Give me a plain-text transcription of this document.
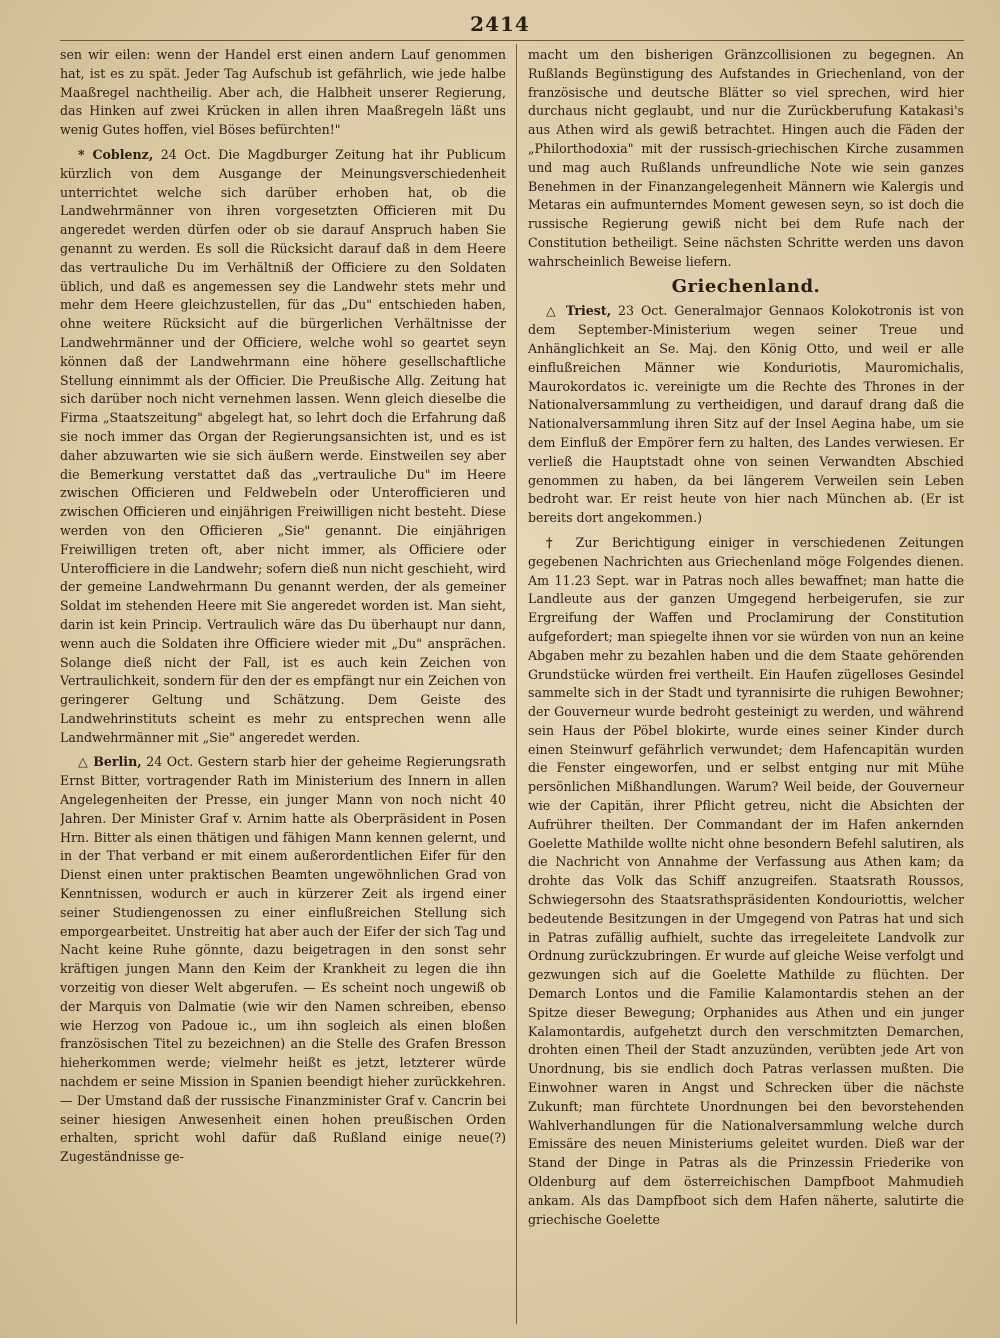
2414

sen wir eilen: wenn der Handel erst einen andern Lauf genommen hat, ist es zu spät. Jeder Tag Aufschub ist gefährlich, wie jede halbe Maaßregel nachtheilig. Aber ach, die Halbheit unserer Regierung, das Hinken auf zwei Krücken in allen ihren Maaßregeln läßt uns wenig Gutes hoffen, viel Böses befürchten!"

* Coblenz, 24 Oct. Die Magdburger Zeitung hat ihr Publicum kürzlich von dem Ausgange der Meinungsverschiedenheit unterrichtet welche sich darüber erhoben hat, ob die Landwehrmänner von ihren vorgesetzten Officieren mit Du angeredet werden dürfen oder ob sie darauf Anspruch haben Sie genannt zu werden. Es soll die Rücksicht darauf daß in dem Heere das vertrauliche Du im Verhältniß der Officiere zu den Soldaten üblich, und daß es angemessen sey die Landwehr stets mehr und mehr dem Heere gleichzustellen, für das „Du" entschieden haben, ohne weitere Rücksicht auf die bürgerlichen Verhältnisse der Landwehrmänner und der Officiere, welche wohl so geartet seyn können daß der Landwehrmann eine höhere gesellschaftliche Stellung einnimmt als der Officier. Die Preußische Allg. Zeitung hat sich darüber noch nicht vernehmen lassen. Wenn gleich dieselbe die Firma „Staatszeitung" abgelegt hat, so lehrt doch die Erfahrung daß sie noch immer das Organ der Regierungsansichten ist, und es ist daher abzuwarten wie sie sich äußern werde. Einstweilen sey aber die Bemerkung verstattet daß das „vertrauliche Du" im Heere zwischen Officieren und Feldwebeln oder Unterofficieren und zwischen Officieren und einjährigen Freiwilligen nicht besteht. Diese werden von den Officieren „Sie" genannt. Die einjährigen Freiwilligen treten oft, aber nicht immer, als Officiere oder Unterofficiere in die Landwehr; sofern dieß nun nicht geschieht, wird der gemeine Landwehrmann Du genannt werden, der als gemeiner Soldat im stehenden Heere mit Sie angeredet worden ist. Man sieht, darin ist kein Princip. Vertraulich wäre das Du überhaupt nur dann, wenn auch die Soldaten ihre Officiere wieder mit „Du" ansprächen. Solange dieß nicht der Fall, ist es auch kein Zeichen von Vertraulichkeit, sondern für den der es empfängt nur ein Zeichen von geringerer Geltung und Schätzung. Dem Geiste des Landwehrinstituts scheint es mehr zu entsprechen wenn alle Landwehrmänner mit „Sie" angeredet werden.

△ Berlin, 24 Oct. Gestern starb hier der geheime Regierungsrath Ernst Bitter, vortragender Rath im Ministerium des Innern in allen Angelegenheiten der Presse, ein junger Mann von noch nicht 40 Jahren. Der Minister Graf v. Arnim hatte als Oberpräsident in Posen Hrn. Bitter als einen thätigen und fähigen Mann kennen gelernt, und in der That verband er mit einem außerordentlichen Eifer für den Dienst einen unter praktischen Beamten ungewöhnlichen Grad von Kenntnissen, wodurch er auch in kürzerer Zeit als irgend einer seiner Studiengenossen zu einer einflußreichen Stellung sich emporgearbeitet. Unstreitig hat aber auch der Eifer der sich Tag und Nacht keine Ruhe gönnte, dazu beigetragen in den sonst sehr kräftigen jungen Mann den Keim der Krankheit zu legen die ihn vorzeitig von dieser Welt abgerufen. — Es scheint noch ungewiß ob der Marquis von Dalmatie (wie wir den Namen schreiben, ebenso wie Herzog von Padoue ic., um ihn sogleich als einen bloßen französischen Titel zu bezeichnen) an die Stelle des Grafen Bresson hieherkommen werde; vielmehr heißt es jetzt, letzterer würde nachdem er seine Mission in Spanien beendigt hieher zurückkehren. — Der Umstand daß der russische Finanzminister Graf v. Cancrin bei seiner hiesigen Anwesenheit einen hohen preußischen Orden erhalten, spricht wohl dafür daß Rußland einige neue(?) Zugeständnisse ge-

macht um den bisherigen Gränzcollisionen zu begegnen. An Rußlands Begünstigung des Aufstandes in Griechenland, von der französische und deutsche Blätter so viel sprechen, wird hier durchaus nicht geglaubt, und nur die Zurückberufung Katakasi's aus Athen wird als gewiß betrachtet. Hingen auch die Fäden der „Philorthodoxia" mit der russisch-griechischen Kirche zusammen und mag auch Rußlands unfreundliche Note wie sein ganzes Benehmen in der Finanzangelegenheit Männern wie Kalergis und Metaras ein aufmunterndes Moment gewesen seyn, so ist doch die russische Regierung gewiß nicht bei dem Rufe nach der Constitution betheiligt. Seine nächsten Schritte werden uns davon wahrscheinlich Beweise liefern.

Griechenland.

△ Triest, 23 Oct. Generalmajor Gennaos Kolokotronis ist von dem September-Ministerium wegen seiner Treue und Anhänglichkeit an Se. Maj. den König Otto, und weil er alle einflußreichen Männer wie Konduriotis, Mauromichalis, Maurokordatos ic. vereinigte um die Rechte des Thrones in der Nationalversammlung zu vertheidigen, und darauf drang daß die Nationalversammlung ihren Sitz auf der Insel Aegina habe, um sie dem Einfluß der Empörer fern zu halten, des Landes verwiesen. Er verließ die Hauptstadt ohne von seinen Verwandten Abschied genommen zu haben, da bei längerem Verweilen sein Leben bedroht war. Er reist heute von hier nach München ab. (Er ist bereits dort angekommen.)

† Zur Berichtigung einiger in verschiedenen Zeitungen gegebenen Nachrichten aus Griechenland möge Folgendes dienen. Am 11.23 Sept. war in Patras noch alles bewaffnet; man hatte die Landleute aus der ganzen Umgegend herbeigerufen, sie zur Ergreifung der Waffen und Proclamirung der Constitution aufgefordert; man spiegelte ihnen vor sie würden von nun an keine Abgaben mehr zu bezahlen haben und die dem Staate gehörenden Grundstücke würden frei vertheilt. Ein Haufen zügelloses Gesindel sammelte sich in der Stadt und tyrannisirte die ruhigen Bewohner; der Gouverneur wurde bedroht gesteinigt zu werden, und während sein Haus der Pöbel blokirte, wurde eines seiner Kinder durch einen Steinwurf gefährlich verwundet; dem Hafencapitän wurden die Fenster eingeworfen, und er selbst entging nur mit Mühe persönlichen Mißhandlungen. Warum? Weil beide, der Gouverneur wie der Capitän, ihrer Pflicht getreu, nicht die Absichten der Aufrührer theilten. Der Commandant der im Hafen ankernden Goelette Mathilde wollte nicht ohne besondern Befehl salutiren, als die Nachricht von Annahme der Verfassung aus Athen kam; da drohte das Volk das Schiff anzugreifen. Staatsrath Roussos, Schwiegersohn des Staatsrathspräsidenten Kondouriottis, welcher bedeutende Besitzungen in der Umgegend von Patras hat und sich in Patras zufällig aufhielt, suchte das irregeleitete Landvolk zur Ordnung zurückzubringen. Er wurde auf gleiche Weise verfolgt und gezwungen sich auf die Goelette Mathilde zu flüchten. Der Demarch Lontos und die Familie Kalamontardis stehen an der Spitze dieser Bewegung; Orphanides aus Athen und ein junger Kalamontardis, aufgehetzt durch den verschmitzten Demarchen, drohten einen Theil der Stadt anzuzünden, verübten jede Art von Unordnung, bis sie endlich doch Patras verlassen mußten. Die Einwohner waren in Angst und Schrecken über die nächste Zukunft; man fürchtete Unordnungen bei den bevorstehenden Wahlverhandlungen für die Nationalversammlung welche durch Emissäre des neuen Ministeriums geleitet wurden. Dieß war der Stand der Dinge in Patras als die Prinzessin Friederike von Oldenburg auf dem österreichischen Dampfboot Mahmudieh ankam. Als das Dampfboot sich dem Hafen näherte, salutirte die griechische Goelette
